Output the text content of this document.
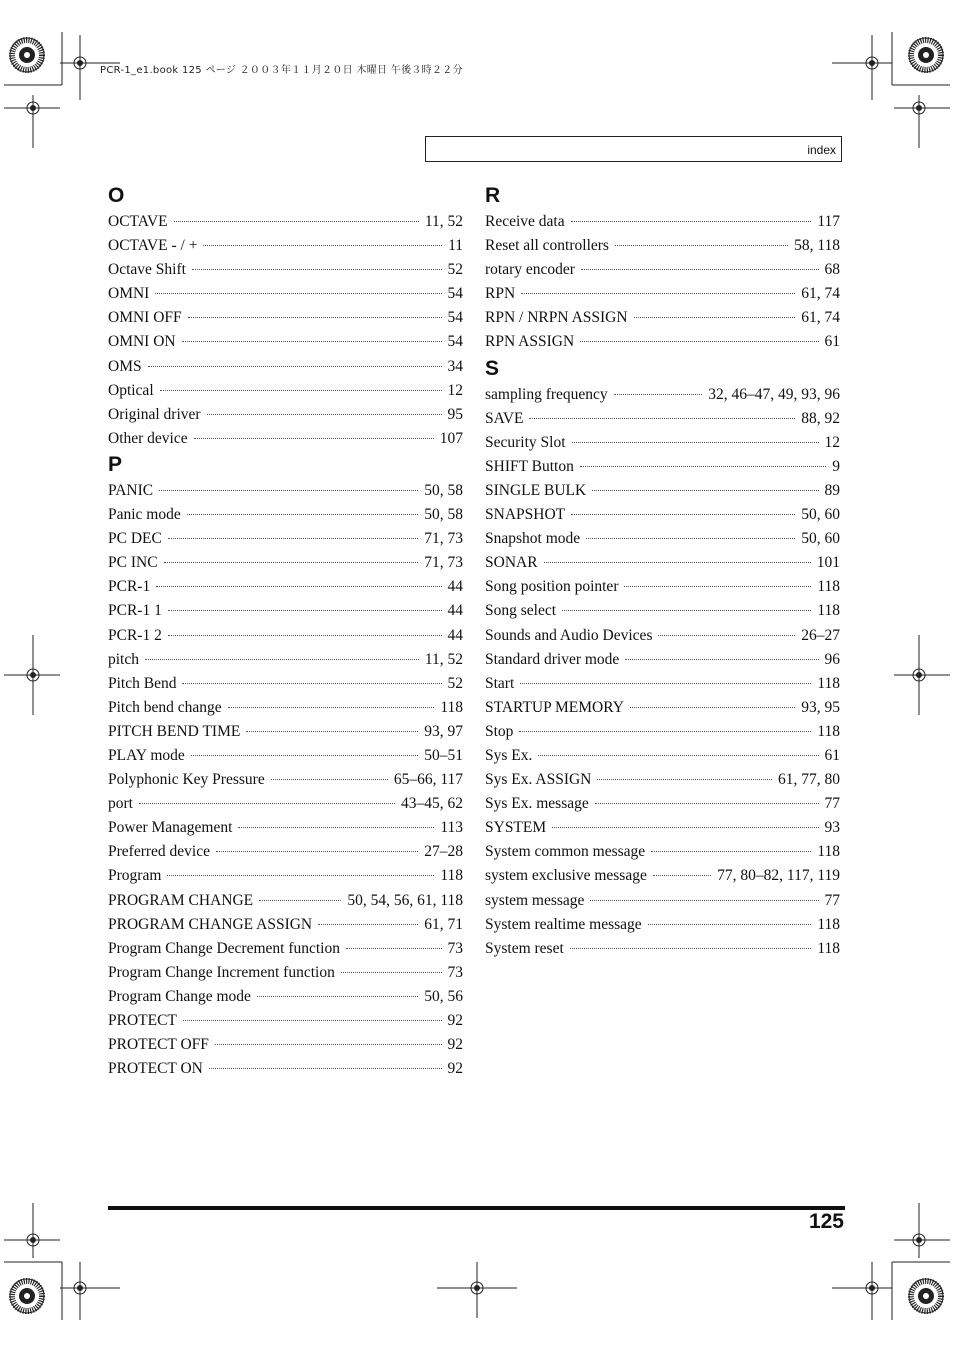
PCR-1_e1.book 125 ページ ２００３年１１月２０日 木曜日 午後３時２２分
index
O
OCTAVE	11, 52
OCTAVE - / +	11
Octave Shift	52
OMNI	54
OMNI OFF	54
OMNI ON	54
OMS	34
Optical	12
Original driver	95
Other device	107
P
PANIC	50, 58
Panic mode	50, 58
PC DEC	71, 73
PC INC	71, 73
PCR-1	44
PCR-1 1	44
PCR-1 2	44
pitch	11, 52
Pitch Bend	52
Pitch bend change	118
PITCH BEND TIME	93, 97
PLAY mode	50–51
Polyphonic Key Pressure	65–66, 117
port	43–45, 62
Power Management	113
Preferred device	27–28
Program	118
PROGRAM CHANGE	50, 54, 56, 61, 118
PROGRAM CHANGE ASSIGN	61, 71
Program Change Decrement function	73
Program Change Increment function	73
Program Change mode	50, 56
PROTECT	92
PROTECT OFF	92
PROTECT ON	92
R
Receive data	117
Reset all controllers	58, 118
rotary encoder	68
RPN	61, 74
RPN / NRPN ASSIGN	61, 74
RPN ASSIGN	61
S
sampling frequency	32, 46–47, 49, 93, 96
SAVE	88, 92
Security Slot	12
SHIFT Button	9
SINGLE BULK	89
SNAPSHOT	50, 60
Snapshot mode	50, 60
SONAR	101
Song position pointer	118
Song select	118
Sounds and Audio Devices	26–27
Standard driver mode	96
Start	118
STARTUP MEMORY	93, 95
Stop	118
Sys Ex.	61
Sys Ex. ASSIGN	61, 77, 80
Sys Ex. message	77
SYSTEM	93
System common message	118
system exclusive message	77, 80–82, 117, 119
system message	77
System realtime message	118
System reset	118
125
